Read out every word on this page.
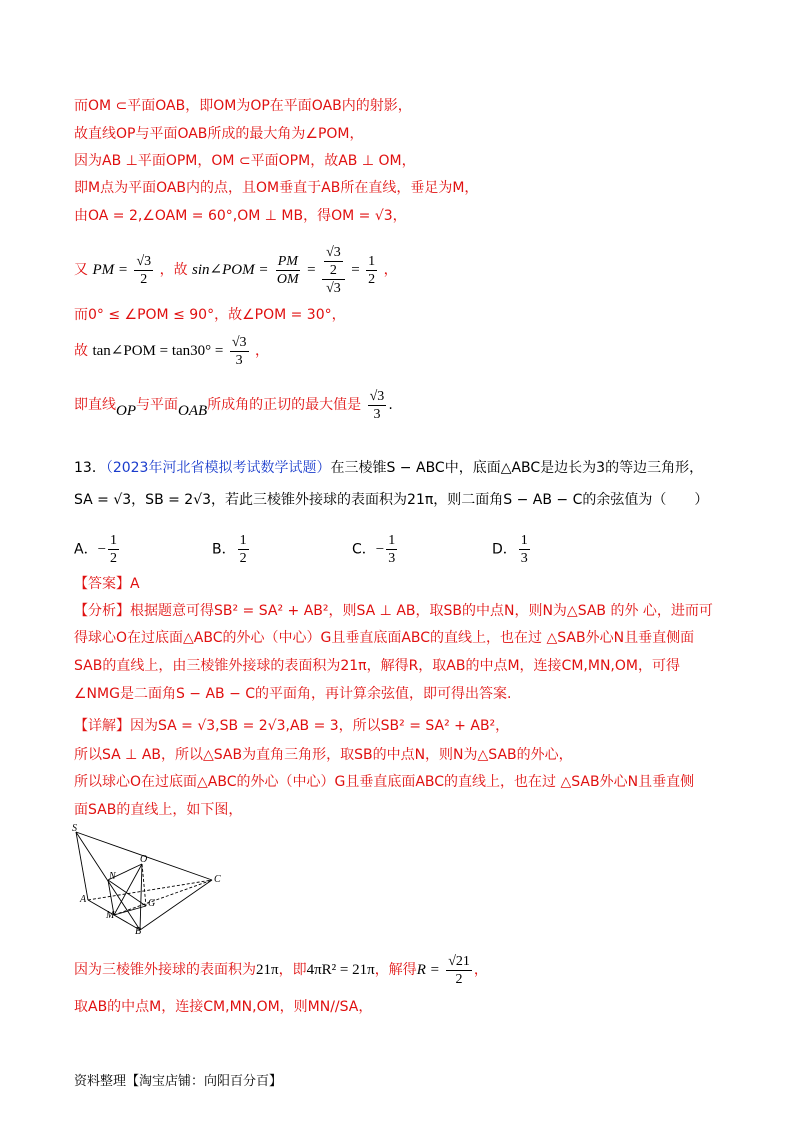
而OM ⊂平面OAB，即OM为OP在平面OAB内的射影，
故直线OP与平面OAB所成的最大角为∠POM，
因为AB ⊥平面OPM，OM ⊂平面OPM，故AB ⊥ OM，
即M点为平面OAB内的点，且OM垂直于AB所在直线，垂足为M，
由OA = 2,∠OAM = 60°,OM ⊥ MB，得OM = √3，
又 PM = $\frac{√3}{2}$ ，故 sin∠POM = $\frac{PM}{OM} = √3$
2
$√3 = \frac{1}{2}$ ，
而0° ≤ ∠POM ≤ 90°，故∠POM = 30°，
故 tan∠POM = $\tan 30^\circ = \frac{√3}{3}$ ，
即直线OP与平面OAB所成角的正切的最大值是 $\frac{√3}{3}$ .
13．（2023年河北省模拟考试数学试题）在三棱锥S − ABC中，底面△ABC是边长为3的等边三角形，
SA = √3，SB = 2√3，若此三棱锥外接球的表面积为21π，则二面角S − AB − C的余弦值为（　　）
A．− $\frac{1}{2}$	B． $\frac{1}{2}$	C．− $\frac{1}{3}$	D． $\frac{1}{3}$
【答案】A
【分析】根据题意可得SB² = SA² + AB²，则SA ⊥ AB，取SB的中点N，则N为△SAB 的外 心，进而可
得球心O在过底面△ABC的外心（中心）G且垂直底面ABC的直线上，也在过 △SAB外心N且垂直侧面
SAB的直线上，由三棱锥外接球的表面积为21π，解得R，取AB的中点M，连接CM,MN,OM，可得
∠NMG是二面角S − AB − C的平面角，再计算余弦值，即可得出答案.
【详解】因为SA = √3,SB = 2√3,AB = 3，所以SB² = SA² + AB²，
所以SA ⊥ AB，所以△SAB为直角三角形，取SB的中点N，则N为△SAB的外心，
所以球心O在过底面△ABC的外心（中心）G且垂直底面ABC的直线上，也在过 △SAB外心N且垂直侧
面SAB的直线上，如下图，
S
N
O
C
A
M
G
B
因为三棱锥外接球的表面积为21π，即4πR² = 21π，解得$R = \frac{√21}{2}$ ，
取AB的中点M，连接CM,MN,OM，则MN//SA，
资料整理【淘宝店铺：向阳百分百】
